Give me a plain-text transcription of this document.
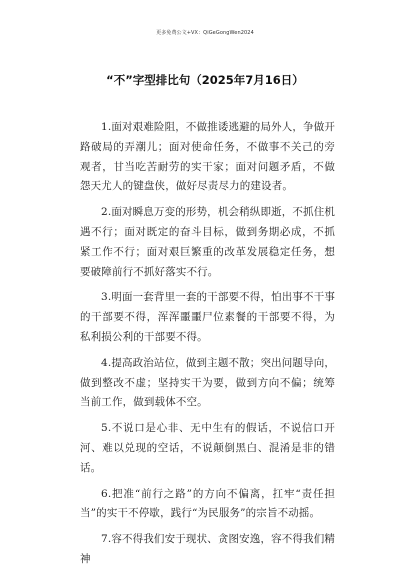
更多免费公文+VX：QiGeGongWen2024
“不”字型排比句（2025年7月16日）

1.面对艰难险阻，不做推诿逃避的局外人，争做开路破局的弄潮儿；面对使命任务，不做事不关己的旁观者，甘当吃苦耐劳的实干家；面对问题矛盾，不做怨天尤人的键盘侠，做好尽责尽力的建设者。

2.面对瞬息万变的形势，机会稍纵即逝，不抓住机遇不行；面对既定的奋斗目标，做到务期必成，不抓紧工作不行；面对艰巨繁重的改革发展稳定任务，想要破障前行不抓好落实不行。

3.明面一套背里一套的干部要不得，怕出事不干事的干部要不得，浑浑噩噩尸位素餐的干部要不得，为私利损公利的干部要不得。

4.提高政治站位，做到主题不散；突出问题导向，做到整改不虚；坚持实干为要，做到方向不偏；统筹当前工作，做到载体不空。

5.不说口是心非、无中生有的假话，不说信口开河、难以兑现的空话，不说颠倒黑白、混淆是非的错话。

6.把准“前行之路”的方向不偏离，扛牢“责任担当”的实干不停歇，践行“为民服务”的宗旨不动摇。

7.容不得我们安于现状、贪图安逸，容不得我们精神
